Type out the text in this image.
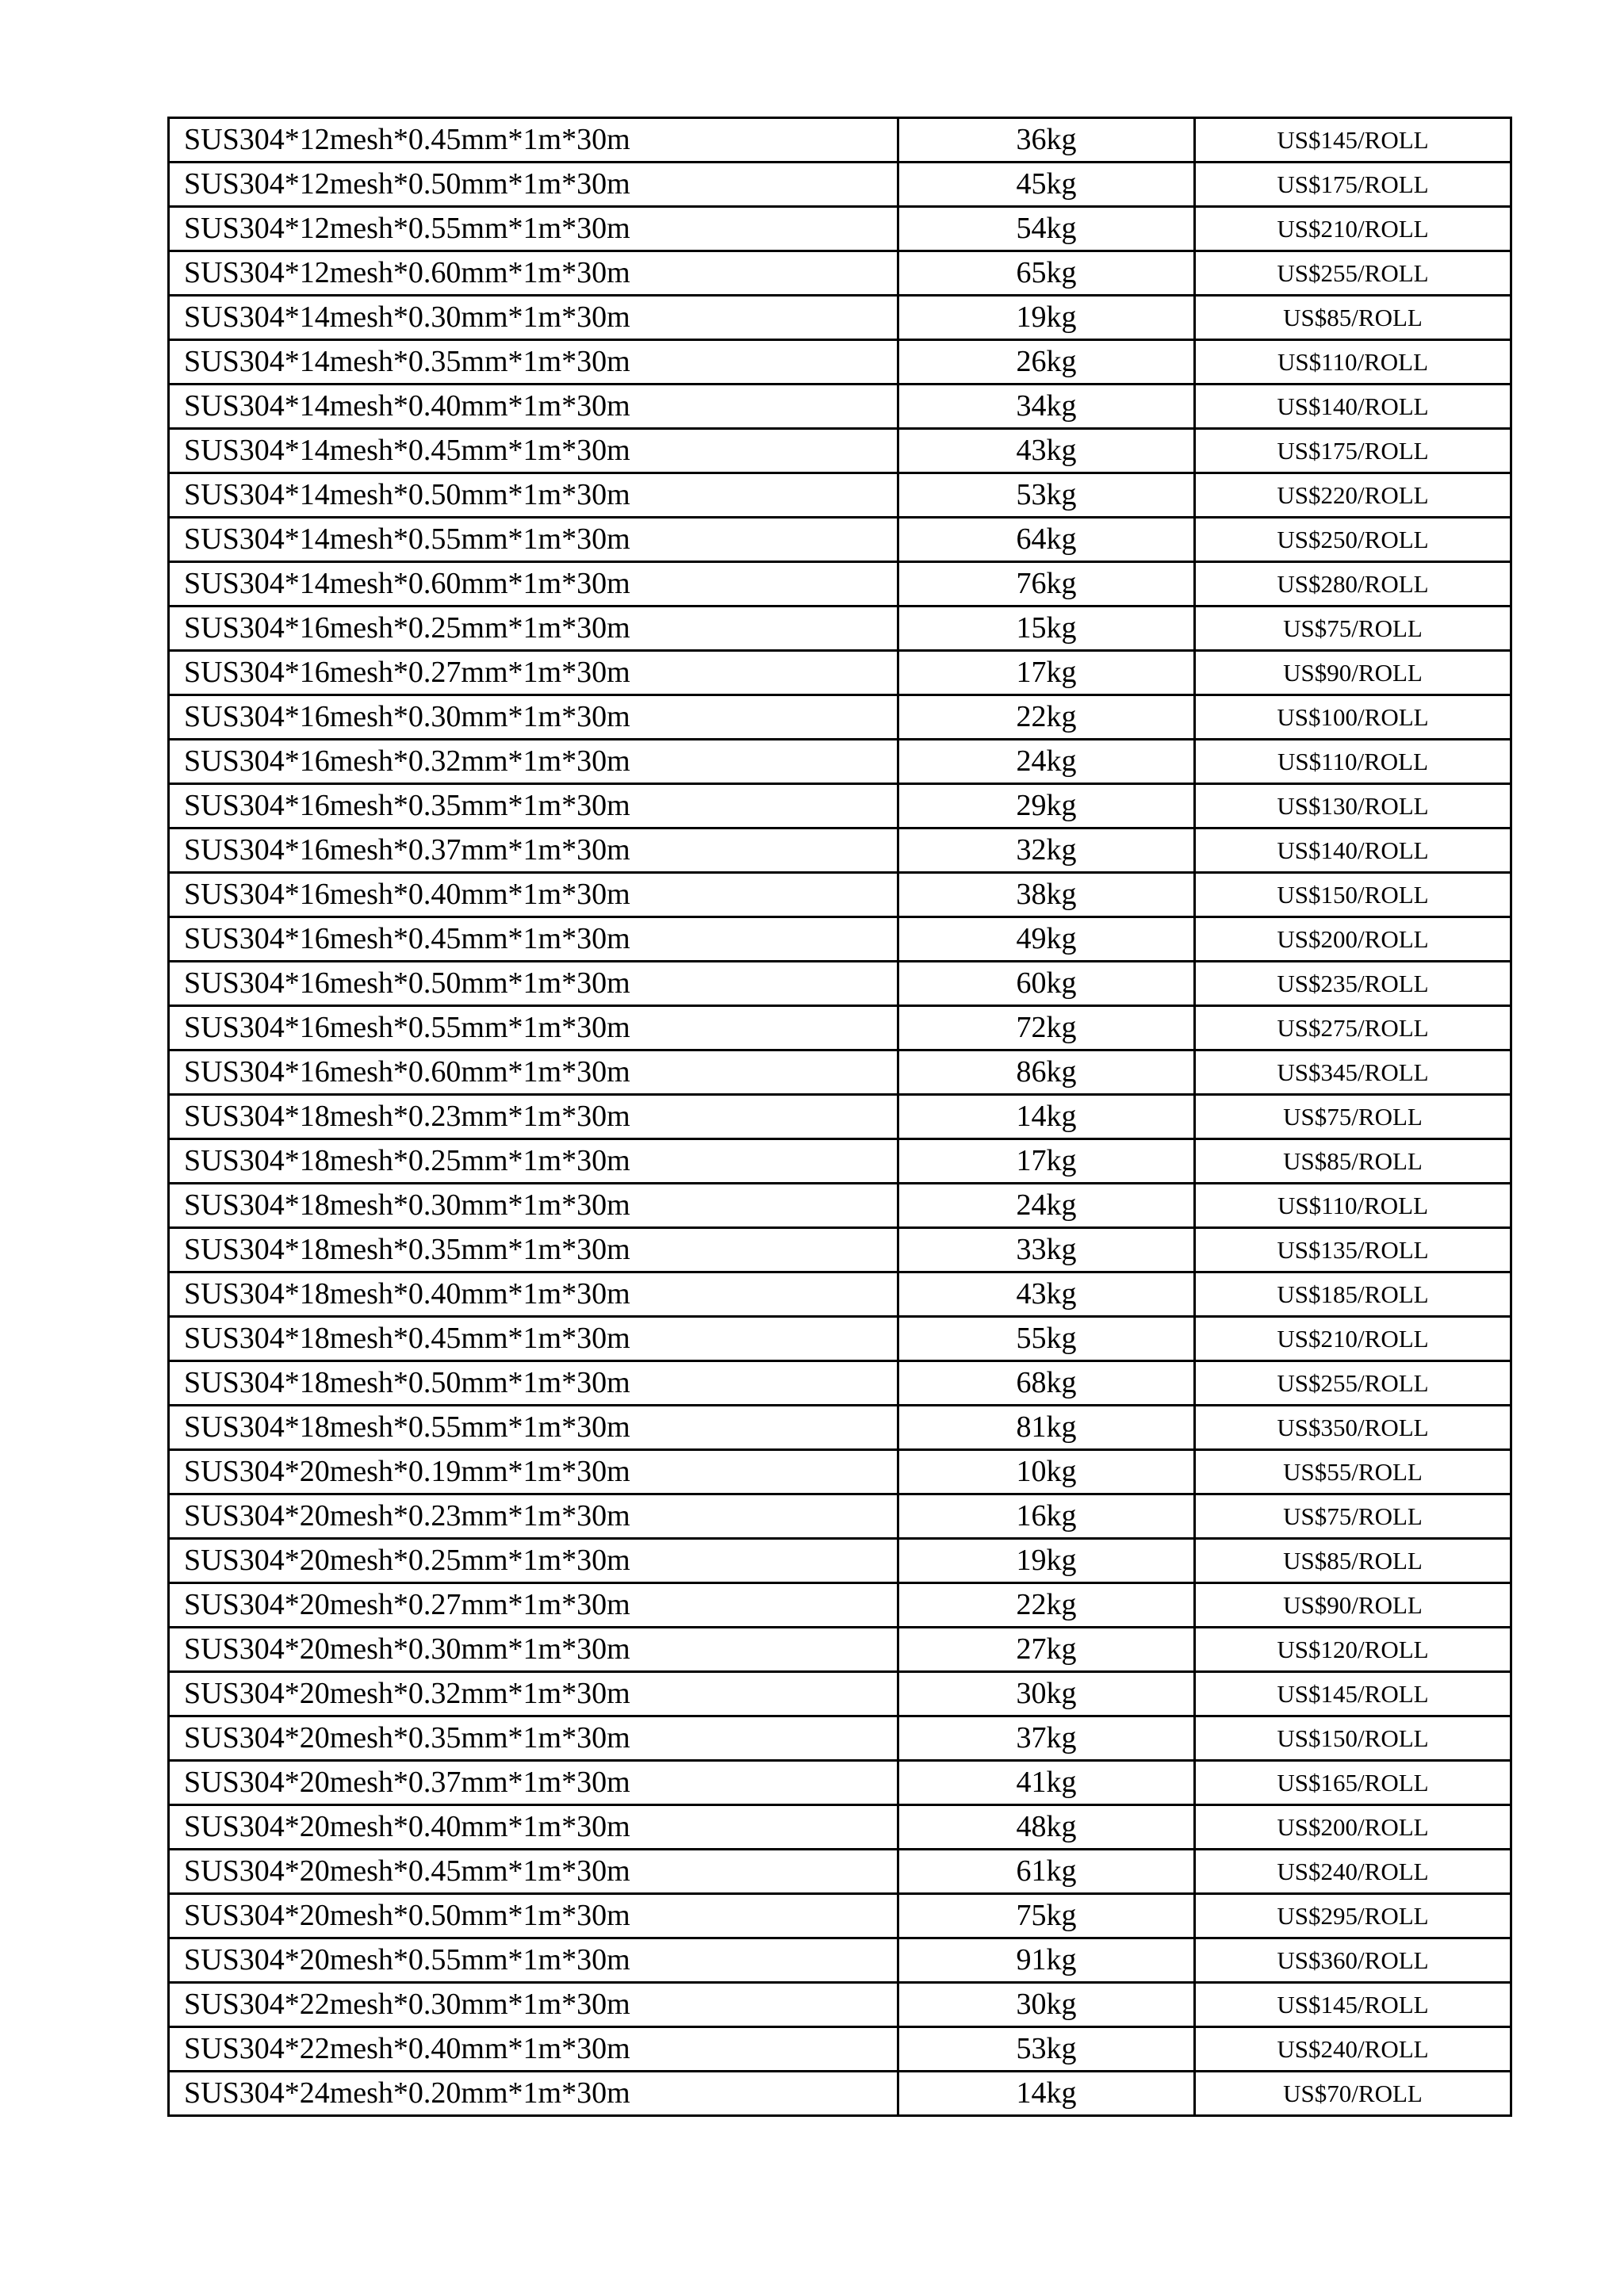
SUS304*12mesh*0.45mm*1m*30m	36kg	US$145/ROLL
SUS304*12mesh*0.50mm*1m*30m	45kg	US$175/ROLL
SUS304*12mesh*0.55mm*1m*30m	54kg	US$210/ROLL
SUS304*12mesh*0.60mm*1m*30m	65kg	US$255/ROLL
SUS304*14mesh*0.30mm*1m*30m	19kg	US$85/ROLL
SUS304*14mesh*0.35mm*1m*30m	26kg	US$110/ROLL
SUS304*14mesh*0.40mm*1m*30m	34kg	US$140/ROLL
SUS304*14mesh*0.45mm*1m*30m	43kg	US$175/ROLL
SUS304*14mesh*0.50mm*1m*30m	53kg	US$220/ROLL
SUS304*14mesh*0.55mm*1m*30m	64kg	US$250/ROLL
SUS304*14mesh*0.60mm*1m*30m	76kg	US$280/ROLL
SUS304*16mesh*0.25mm*1m*30m	15kg	US$75/ROLL
SUS304*16mesh*0.27mm*1m*30m	17kg	US$90/ROLL
SUS304*16mesh*0.30mm*1m*30m	22kg	US$100/ROLL
SUS304*16mesh*0.32mm*1m*30m	24kg	US$110/ROLL
SUS304*16mesh*0.35mm*1m*30m	29kg	US$130/ROLL
SUS304*16mesh*0.37mm*1m*30m	32kg	US$140/ROLL
SUS304*16mesh*0.40mm*1m*30m	38kg	US$150/ROLL
SUS304*16mesh*0.45mm*1m*30m	49kg	US$200/ROLL
SUS304*16mesh*0.50mm*1m*30m	60kg	US$235/ROLL
SUS304*16mesh*0.55mm*1m*30m	72kg	US$275/ROLL
SUS304*16mesh*0.60mm*1m*30m	86kg	US$345/ROLL
SUS304*18mesh*0.23mm*1m*30m	14kg	US$75/ROLL
SUS304*18mesh*0.25mm*1m*30m	17kg	US$85/ROLL
SUS304*18mesh*0.30mm*1m*30m	24kg	US$110/ROLL
SUS304*18mesh*0.35mm*1m*30m	33kg	US$135/ROLL
SUS304*18mesh*0.40mm*1m*30m	43kg	US$185/ROLL
SUS304*18mesh*0.45mm*1m*30m	55kg	US$210/ROLL
SUS304*18mesh*0.50mm*1m*30m	68kg	US$255/ROLL
SUS304*18mesh*0.55mm*1m*30m	81kg	US$350/ROLL
SUS304*20mesh*0.19mm*1m*30m	10kg	US$55/ROLL
SUS304*20mesh*0.23mm*1m*30m	16kg	US$75/ROLL
SUS304*20mesh*0.25mm*1m*30m	19kg	US$85/ROLL
SUS304*20mesh*0.27mm*1m*30m	22kg	US$90/ROLL
SUS304*20mesh*0.30mm*1m*30m	27kg	US$120/ROLL
SUS304*20mesh*0.32mm*1m*30m	30kg	US$145/ROLL
SUS304*20mesh*0.35mm*1m*30m	37kg	US$150/ROLL
SUS304*20mesh*0.37mm*1m*30m	41kg	US$165/ROLL
SUS304*20mesh*0.40mm*1m*30m	48kg	US$200/ROLL
SUS304*20mesh*0.45mm*1m*30m	61kg	US$240/ROLL
SUS304*20mesh*0.50mm*1m*30m	75kg	US$295/ROLL
SUS304*20mesh*0.55mm*1m*30m	91kg	US$360/ROLL
SUS304*22mesh*0.30mm*1m*30m	30kg	US$145/ROLL
SUS304*22mesh*0.40mm*1m*30m	53kg	US$240/ROLL
SUS304*24mesh*0.20mm*1m*30m	14kg	US$70/ROLL
